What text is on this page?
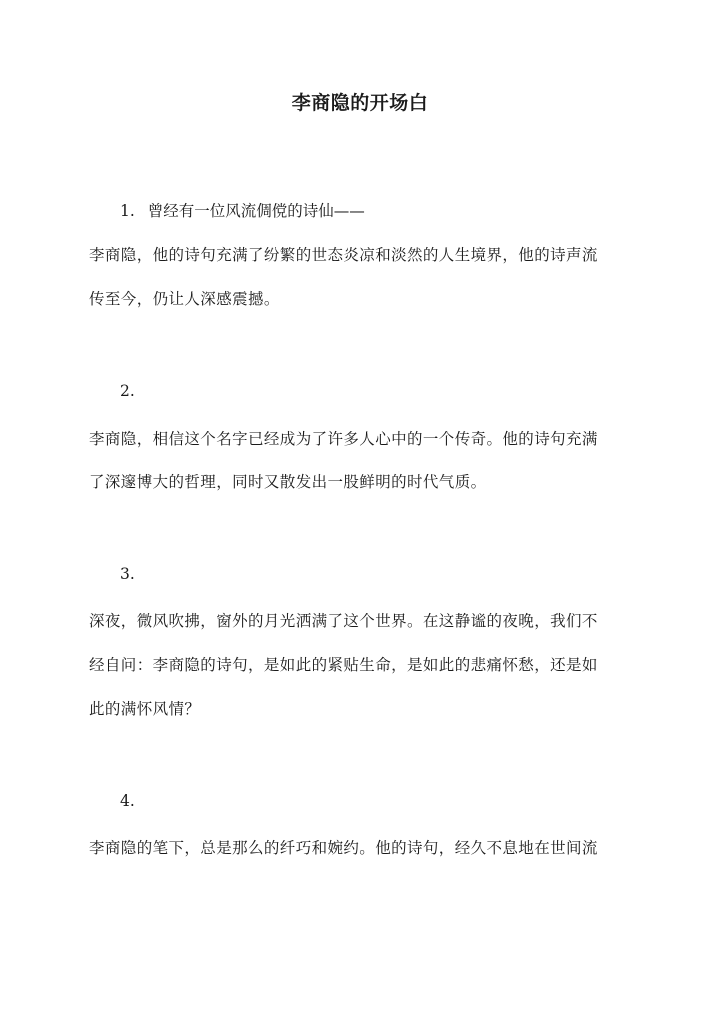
李商隐的开场白
1. 曾经有一位风流倜傥的诗仙——
李商隐，他的诗句充满了纷繁的世态炎凉和淡然的人生境界，他的诗声流
传至今，仍让人深感震撼。
2.
李商隐，相信这个名字已经成为了许多人心中的一个传奇。他的诗句充满
了深邃博大的哲理，同时又散发出一股鲜明的时代气质。
3.
深夜，微风吹拂，窗外的月光洒满了这个世界。在这静谧的夜晚，我们不
经自问：李商隐的诗句，是如此的紧贴生命，是如此的悲痛怀愁，还是如
此的满怀风情？
4.
李商隐的笔下，总是那么的纤巧和婉约。他的诗句，经久不息地在世间流
